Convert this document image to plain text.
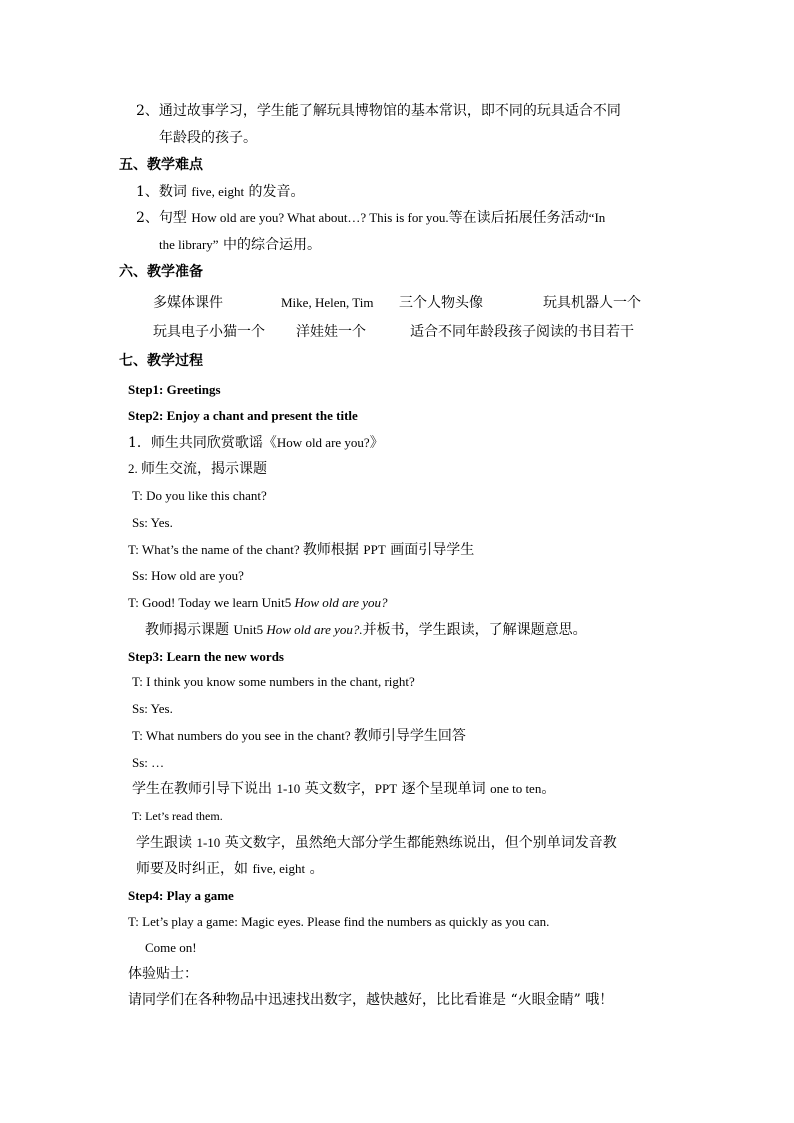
2、通过故事学习，学生能了解玩具博物馆的基本常识，即不同的玩具适合不同
年龄段的孩子。
五、教学难点
1、数词 five, eight 的发音。
2、句型 How old are you? What about…? This is for you.等在读后拓展任务活动“In
the library” 中的综合运用。
六、教学准备
多媒体课件	Mike, Helen, Tim 三个人物头像	玩具机器人一个
玩具电子小猫一个 洋娃娃一个	适合不同年龄段孩子阅读的书目若干
七、教学过程
Step1: Greetings
Step2: Enjoy a chant and present the title
1．师生共同欣赏歌谣《How old are you?》
2. 师生交流，揭示课题
T: Do you like this chant?
Ss: Yes.
T: What’s the name of the chant? 教师根据 PPT 画面引导学生
Ss: How old are you?
T: Good! Today we learn Unit5 How old are you?
教师揭示课题 Unit5 How old are you?.并板书，学生跟读，了解课题意思。
Step3: Learn the new words
T: I think you know some numbers in the chant, right?
Ss: Yes.
T: What numbers do you see in the chant? 教师引导学生回答
Ss: …
学生在教师引导下说出 1-10 英文数字，PPT 逐个呈现单词 one to ten。
T: Let’s read them.
学生跟读 1-10 英文数字，虽然绝大部分学生都能熟练说出，但个别单词发音教
师要及时纠正，如 five, eight 。
Step4: Play a game
T: Let’s play a game: Magic eyes. Please find the numbers as quickly as you can.
Come on!
体验贴士：
请同学们在各种物品中迅速找出数字，越快越好，比比看谁是 “火眼金睛” 哦！
